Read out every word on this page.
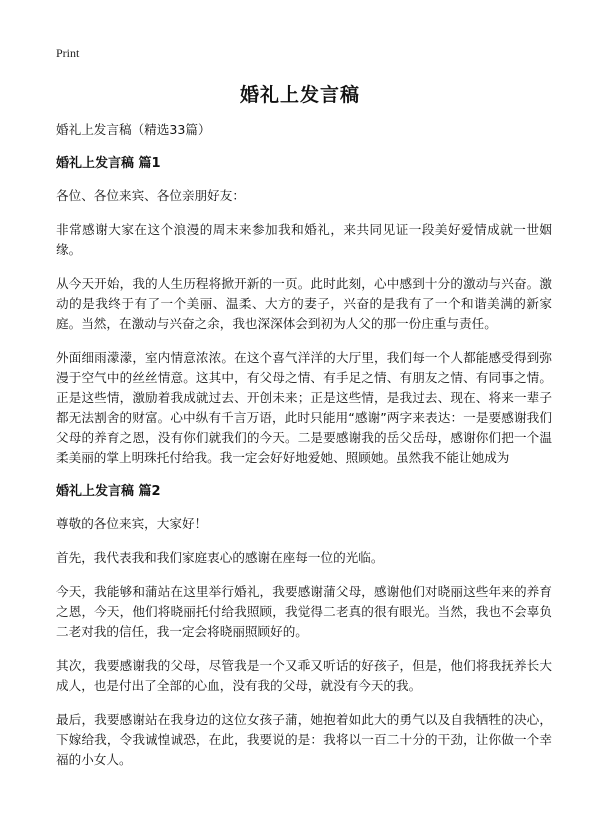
Print
婚礼上发言稿

婚礼上发言稿（精选33篇）

婚礼上发言稿 篇1

各位、各位来宾、各位亲朋好友：

非常感谢大家在这个浪漫的周末来参加我和婚礼，来共同见证一段美好爱情成就一世姻缘。

从今天开始，我的人生历程将掀开新的一页。此时此刻，心中感到十分的激动与兴奋。激动的是我终于有了一个美丽、温柔、大方的妻子，兴奋的是我有了一个和谐美满的新家庭。当然，在激动与兴奋之余，我也深深体会到初为人父的那一份庄重与责任。

外面细雨濛濛，室内情意浓浓。在这个喜气洋洋的大厅里，我们每一个人都能感受得到弥漫于空气中的丝丝情意。这其中，有父母之情、有手足之情、有朋友之情、有同事之情。正是这些情，激励着我成就过去、开创未来；正是这些情，是我过去、现在、将来一辈子都无法割舍的财富。心中纵有千言万语，此时只能用“感谢”两字来表达：一是要感谢我们父母的养育之恩，没有你们就我们的今天。二是要感谢我的岳父岳母，感谢你们把一个温柔美丽的掌上明珠托付给我。我一定会好好地爱她、照顾她。虽然我不能让她成为

婚礼上发言稿 篇2

尊敬的各位来宾，大家好！

首先，我代表我和我们家庭衷心的感谢在座每一位的光临。

今天，我能够和蒲站在这里举行婚礼，我要感谢蒲父母，感谢他们对晓丽这些年来的养育之恩，今天，他们将晓丽托付给我照顾，我觉得二老真的很有眼光。当然，我也不会辜负二老对我的信任，我一定会将晓丽照顾好的。

其次，我要感谢我的父母，尽管我是一个又乖又听话的好孩子，但是，他们将我抚养长大成人，也是付出了全部的心血，没有我的父母，就没有今天的我。

最后，我要感谢站在我身边的这位女孩子蒲，她抱着如此大的勇气以及自我牺牲的决心，下嫁给我，令我诚惶诚恐，在此，我要说的是：我将以一百二十分的干劲，让你做一个幸福的小女人。
